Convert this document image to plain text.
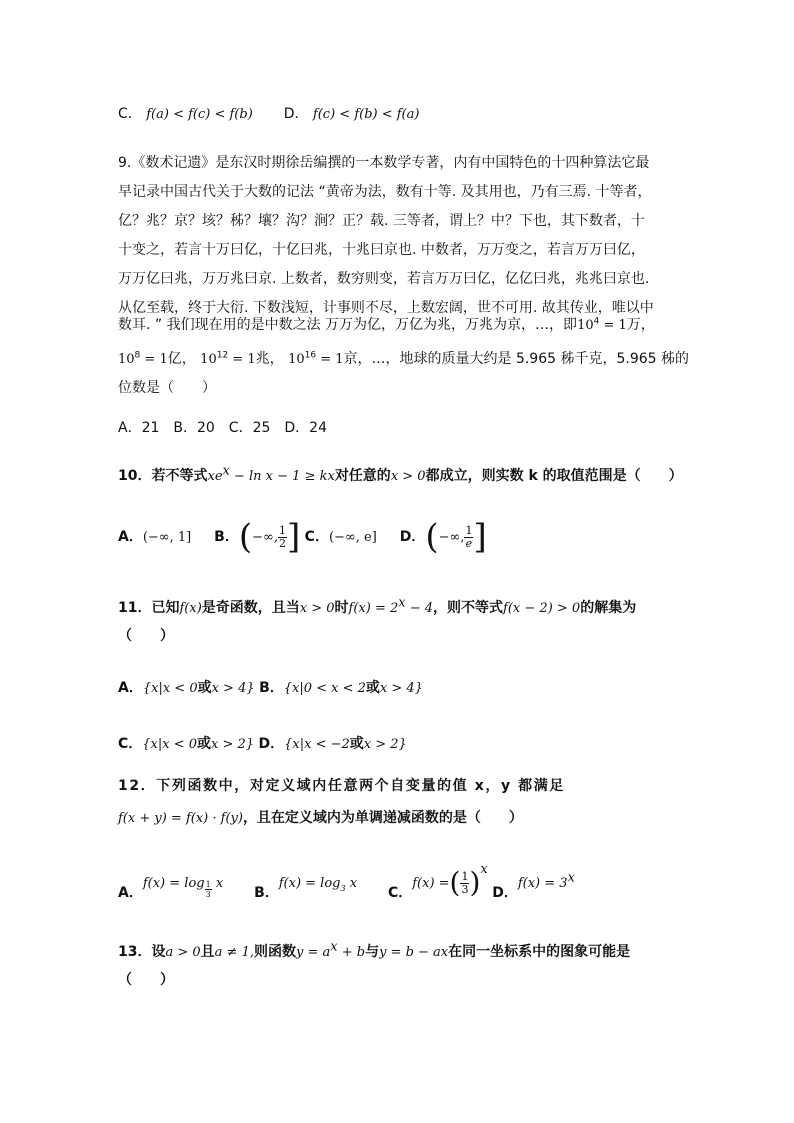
C． f(a) < f(c) < f(b) D． f(c) < f(b) < f(a)
9.《数术记遗》是东汉时期徐岳编撰的一本数学专著，内有中国特色的十四种算法它最
早记录中国古代关于大数的记法 “黄帝为法，数有十等. 及其用也，乃有三焉. 十等者，
亿？兆？京？垓？秭？壤？沟？涧？正？载. 三等者，谓上？中？下也，其下数者，十
十变之，若言十万曰亿，十亿曰兆，十兆曰京也. 中数者，万万变之，若言万万曰亿，
万万亿曰兆，万万兆曰京. 上数者，数穷则变，若言万万曰亿，亿亿曰兆，兆兆曰京也.
从亿至载，终于大衍. 下数浅短，计事则不尽，上数宏阔，世不可用. 故其传业，唯以中
数耳. ” 我们现在用的是中数之法 万万为亿，万亿为兆，万兆为京，…，即$10^4 = 1$万，
$10^8 = 1$亿， $10^{12} = 1$兆， $10^{16} = 1$京，…，地球的质量大约是 5.965 秭千克，5.965 秭的
位数是（　　）
A．21　B．20　C．25　D．24
10．若不等式$xe^x - \ln x - 1$ ≥ kx对任意的x > 0都成立，则实数 k 的取值范围是（　　）
A．(−∞, 1] B．(−∞, $\frac{1}{2}$ ] C．(−∞, e] D．(−∞, $\frac{1}{e}$ ]
11．已知f(x)是奇函数，且当x > 0时$f(x) = 2^x - 4$，则不等式f(x − 2) > 0的解集为
（　　）
A．{x|x < 0或x > 4} B．{x|0 < x < 2或x > 4}
C．{x|x < 0或x > 2} D．{x|x < −2或x > 2}
12．下列函数中，对定义域内任意两个自变量的值 x，y 都满足
f(x + y) = f(x) · f(y)，且在定义域内为单调递减函数的是（　　）
A．$f(x) = \log \frac{1}{3}$ x  B．$f(x) = \log_3 x$  C．f(x) =( $\frac{1}{3} )^x$ D．$f(x) = 3^x$
13．设a > 0且a ≠ 1,则函数$y = a^x + b$与y = b − ax在同一坐标系中的图象可能是
（　　）
